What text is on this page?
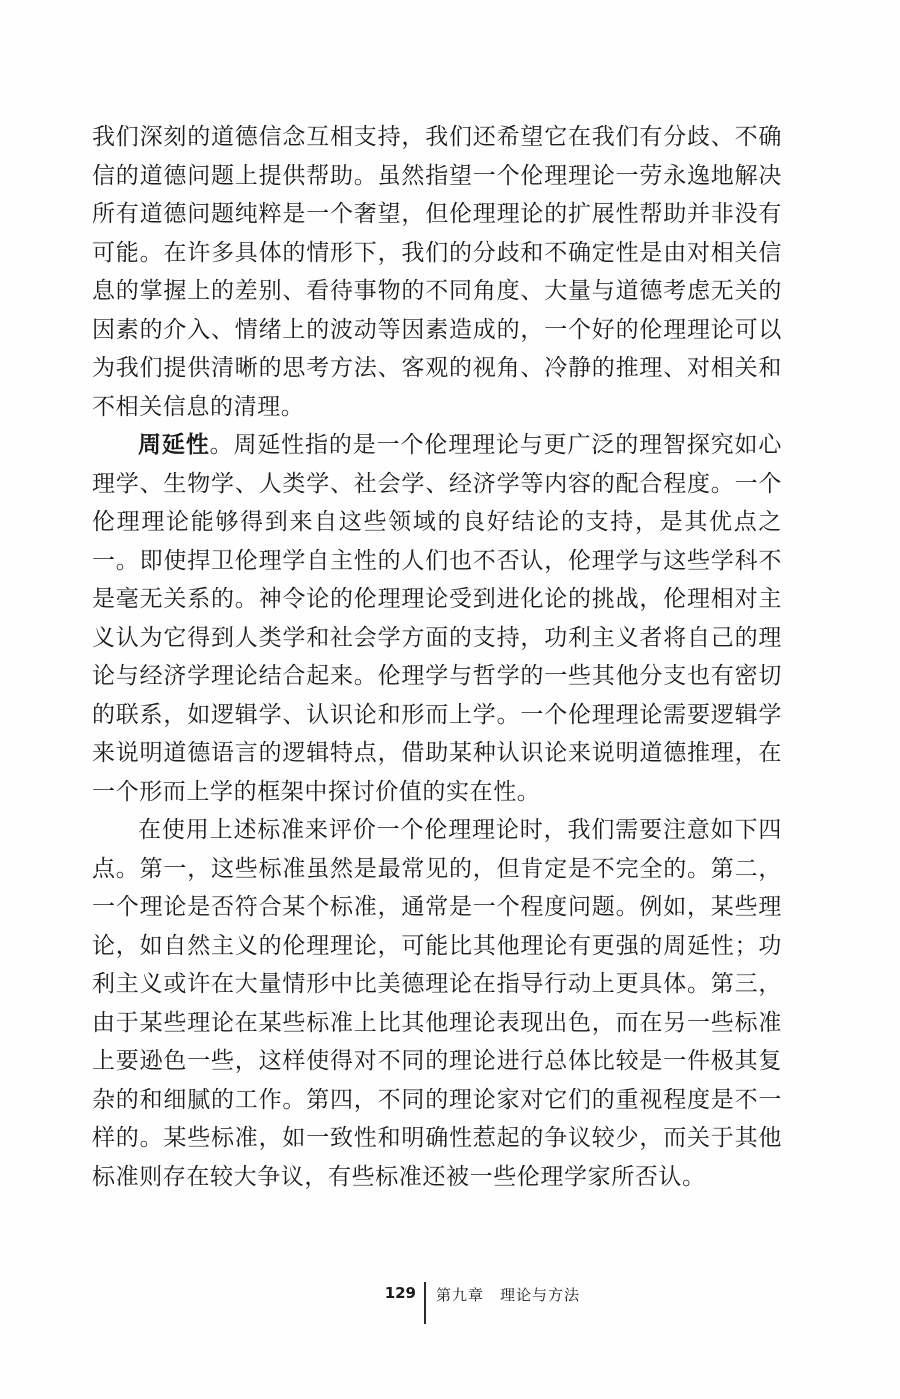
我们深刻的道德信念互相支持，我们还希望它在我们有分歧、不确信的道德问题上提供帮助。虽然指望一个伦理理论一劳永逸地解决所有道德问题纯粹是一个奢望，但伦理理论的扩展性帮助并非没有可能。在许多具体的情形下，我们的分歧和不确定性是由对相关信息的掌握上的差别、看待事物的不同角度、大量与道德考虑无关的因素的介入、情绪上的波动等因素造成的，一个好的伦理理论可以为我们提供清晰的思考方法、客观的视角、冷静的推理、对相关和不相关信息的清理。

周延性。周延性指的是一个伦理理论与更广泛的理智探究如心理学、生物学、人类学、社会学、经济学等内容的配合程度。一个伦理理论能够得到来自这些领域的良好结论的支持，是其优点之一。即使捍卫伦理学自主性的人们也不否认，伦理学与这些学科不是毫无关系的。神令论的伦理理论受到进化论的挑战，伦理相对主义认为它得到人类学和社会学方面的支持，功利主义者将自己的理论与经济学理论结合起来。伦理学与哲学的一些其他分支也有密切的联系，如逻辑学、认识论和形而上学。一个伦理理论需要逻辑学来说明道德语言的逻辑特点，借助某种认识论来说明道德推理，在一个形而上学的框架中探讨价值的实在性。

在使用上述标准来评价一个伦理理论时，我们需要注意如下四点。第一，这些标准虽然是最常见的，但肯定是不完全的。第二，一个理论是否符合某个标准，通常是一个程度问题。例如，某些理论，如自然主义的伦理理论，可能比其他理论有更强的周延性；功利主义或许在大量情形中比美德理论在指导行动上更具体。第三，由于某些理论在某些标准上比其他理论表现出色，而在另一些标准上要逊色一些，这样使得对不同的理论进行总体比较是一件极其复杂的和细腻的工作。第四，不同的理论家对它们的重视程度是不一样的。某些标准，如一致性和明确性惹起的争议较少，而关于其他标准则存在较大争议，有些标准还被一些伦理学家所否认。

129 第九章　理论与方法
